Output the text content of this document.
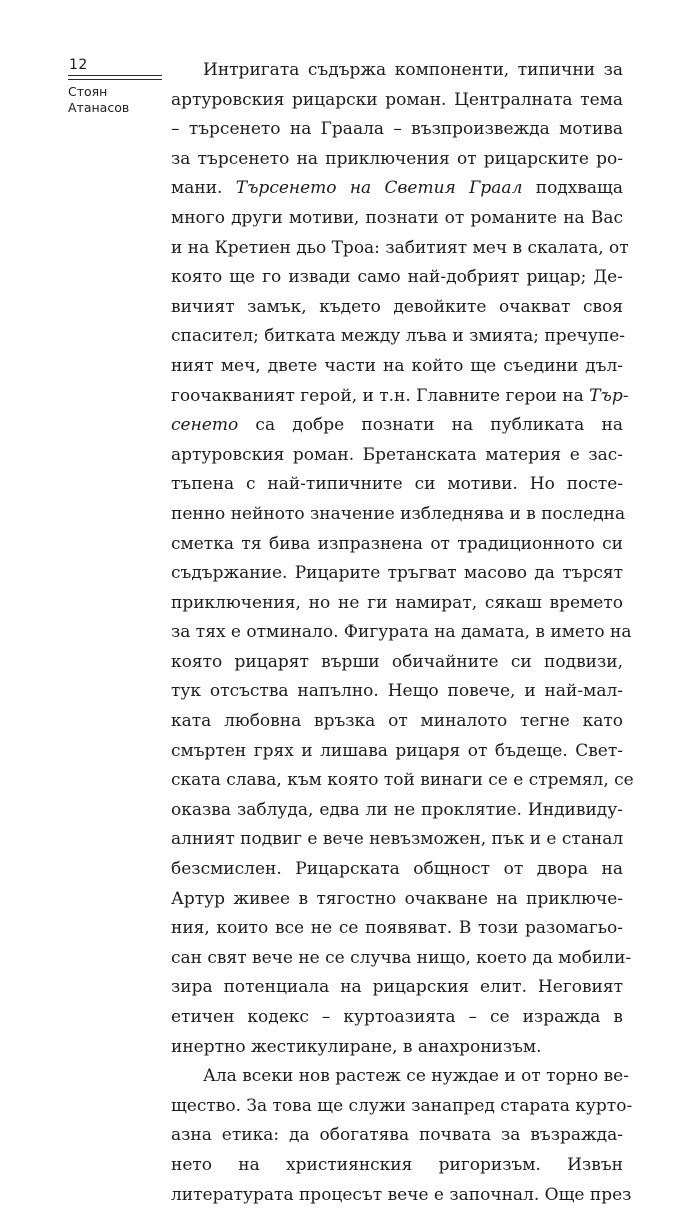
12
Стоян
Атанасов
Интригата съдържа компоненти, типични за
артуровския рицарски роман. Централната тема
– търсенето на Граала – възпроизвежда мотива
за търсенето на приключения от рицарските ро-
мани. Търсенето на Светия Граал подхваща
много други мотиви, познати от романите на Вас
и на Кретиен дьо Троа: забитият меч в скалата, от
която ще го извади само най-добрият рицар; Де-
вичият замък, където девойките очакват своя
спасител; битката между лъва и змията; пречупе-
ният меч, двете части на който ще съедини дъл-
гоочакваният герой, и т.н. Главните герои на Тър-
сенето са добре познати на публиката на
артуровския роман. Бретанската материя е зас-
тъпена с най-типичните си мотиви. Но посте-
пенно нейното значение избледнява и в последна
сметка тя бива изпразнена от традиционното си
съдържание. Рицарите тръгват масово да търсят
приключения, но не ги намират, сякаш времето
за тях е отминало. Фигурата на дамата, в името на
която рицарят върши обичайните си подвизи,
тук отсъства напълно. Нещо повече, и най-мал-
ката любовна връзка от миналото тегне като
смъртен грях и лишава рицаря от бъдеще. Свет-
ската слава, към която той винаги се е стремял, се
оказва заблуда, едва ли не проклятие. Индивиду-
алният подвиг е вече невъзможен, пък и е станал
безсмислен. Рицарската общност от двора на
Артур живее в тягостно очакване на приключе-
ния, които все не се появяват. В този разомагьо-
сан свят вече не се случва нищо, което да мобили-
зира потенциала на рицарския елит. Неговият
етичен кодекс – куртоазията – се израждa в
инертно жестикулиране, в анахронизъм.
Ала всеки нов растеж се нуждае и от торно ве-
щество. За това ще служи занапред старата курто-
азна етика: да обогатява почвата за възражда-
нето на християнския ригоризъм. Извън
литературата процесът вече е започнал. Още през
